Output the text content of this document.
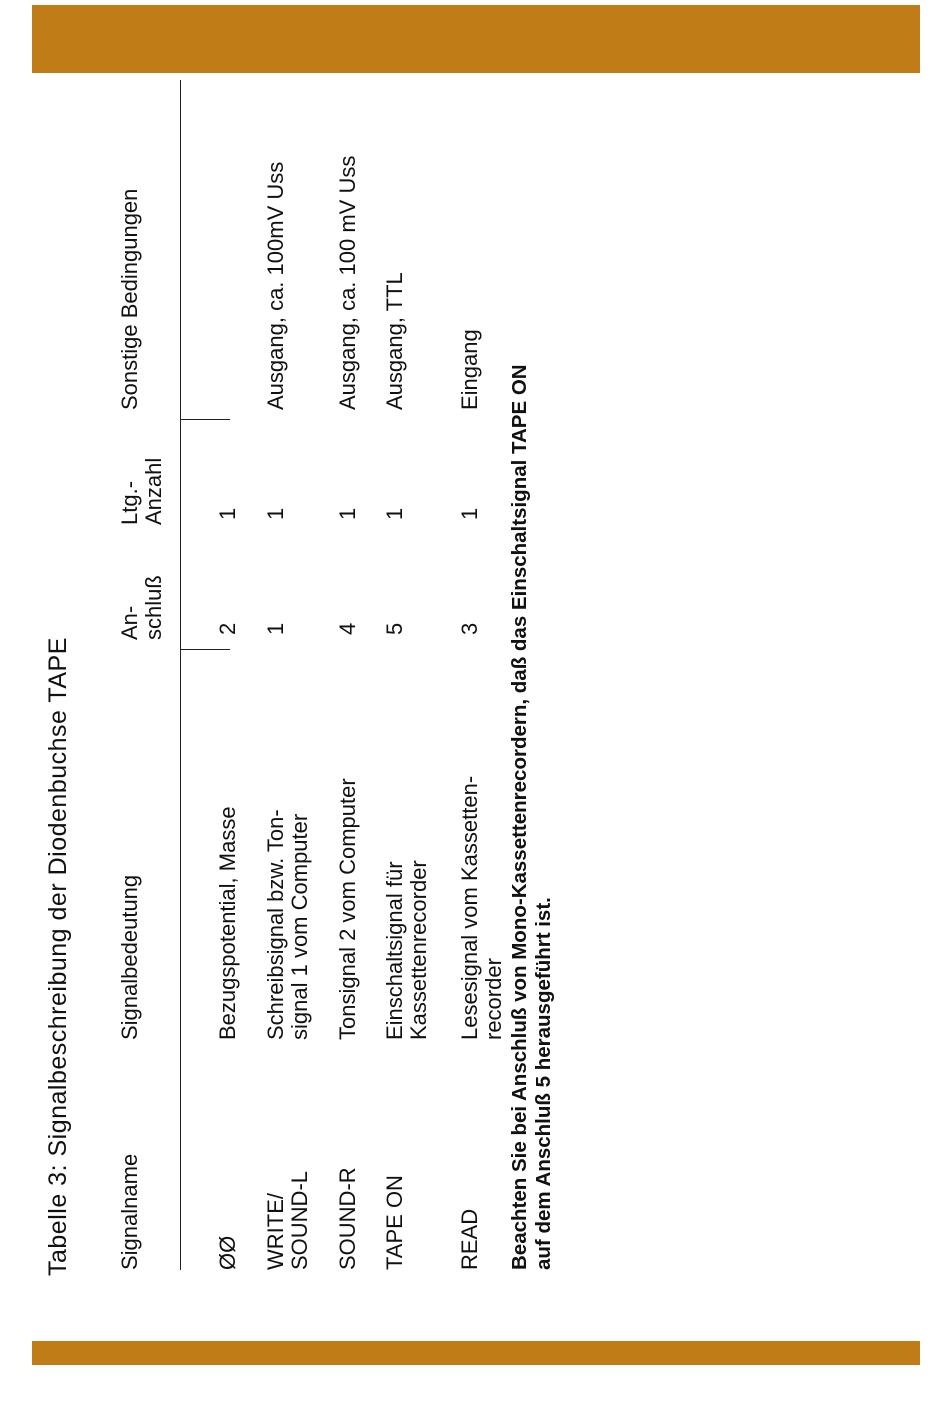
Tabelle 3: Signalbeschreibung der Diodenbuchse TAPE Signalname
Signalbedeutung
An- schluß
Ltg.- Anzahl
Sonstige Bedingungen
ØØ
Bezugspotential, Masse
2
1
WRITE/ SOUND-L
Schreibsignal bzw. Ton- signal 1 vom Computer
1
1
Ausgang, ca. 100mV Uss
SOUND-R
Tonsignal 2 vom Computer
4
1
Ausgang, ca. 100 mV Uss
TAPE ON
Einschaltsignal für Kassettenrecorder
5
1
Ausgang, TTL
READ
Lesesignal vom Kassetten- recorder
3
1
Eingang Beachten Sie bei Anschluß von Mono-Kassettenrecordern, daß das Einschaltsignal TAPE ON auf dem Anschluß 5 herausgeführt ist.
